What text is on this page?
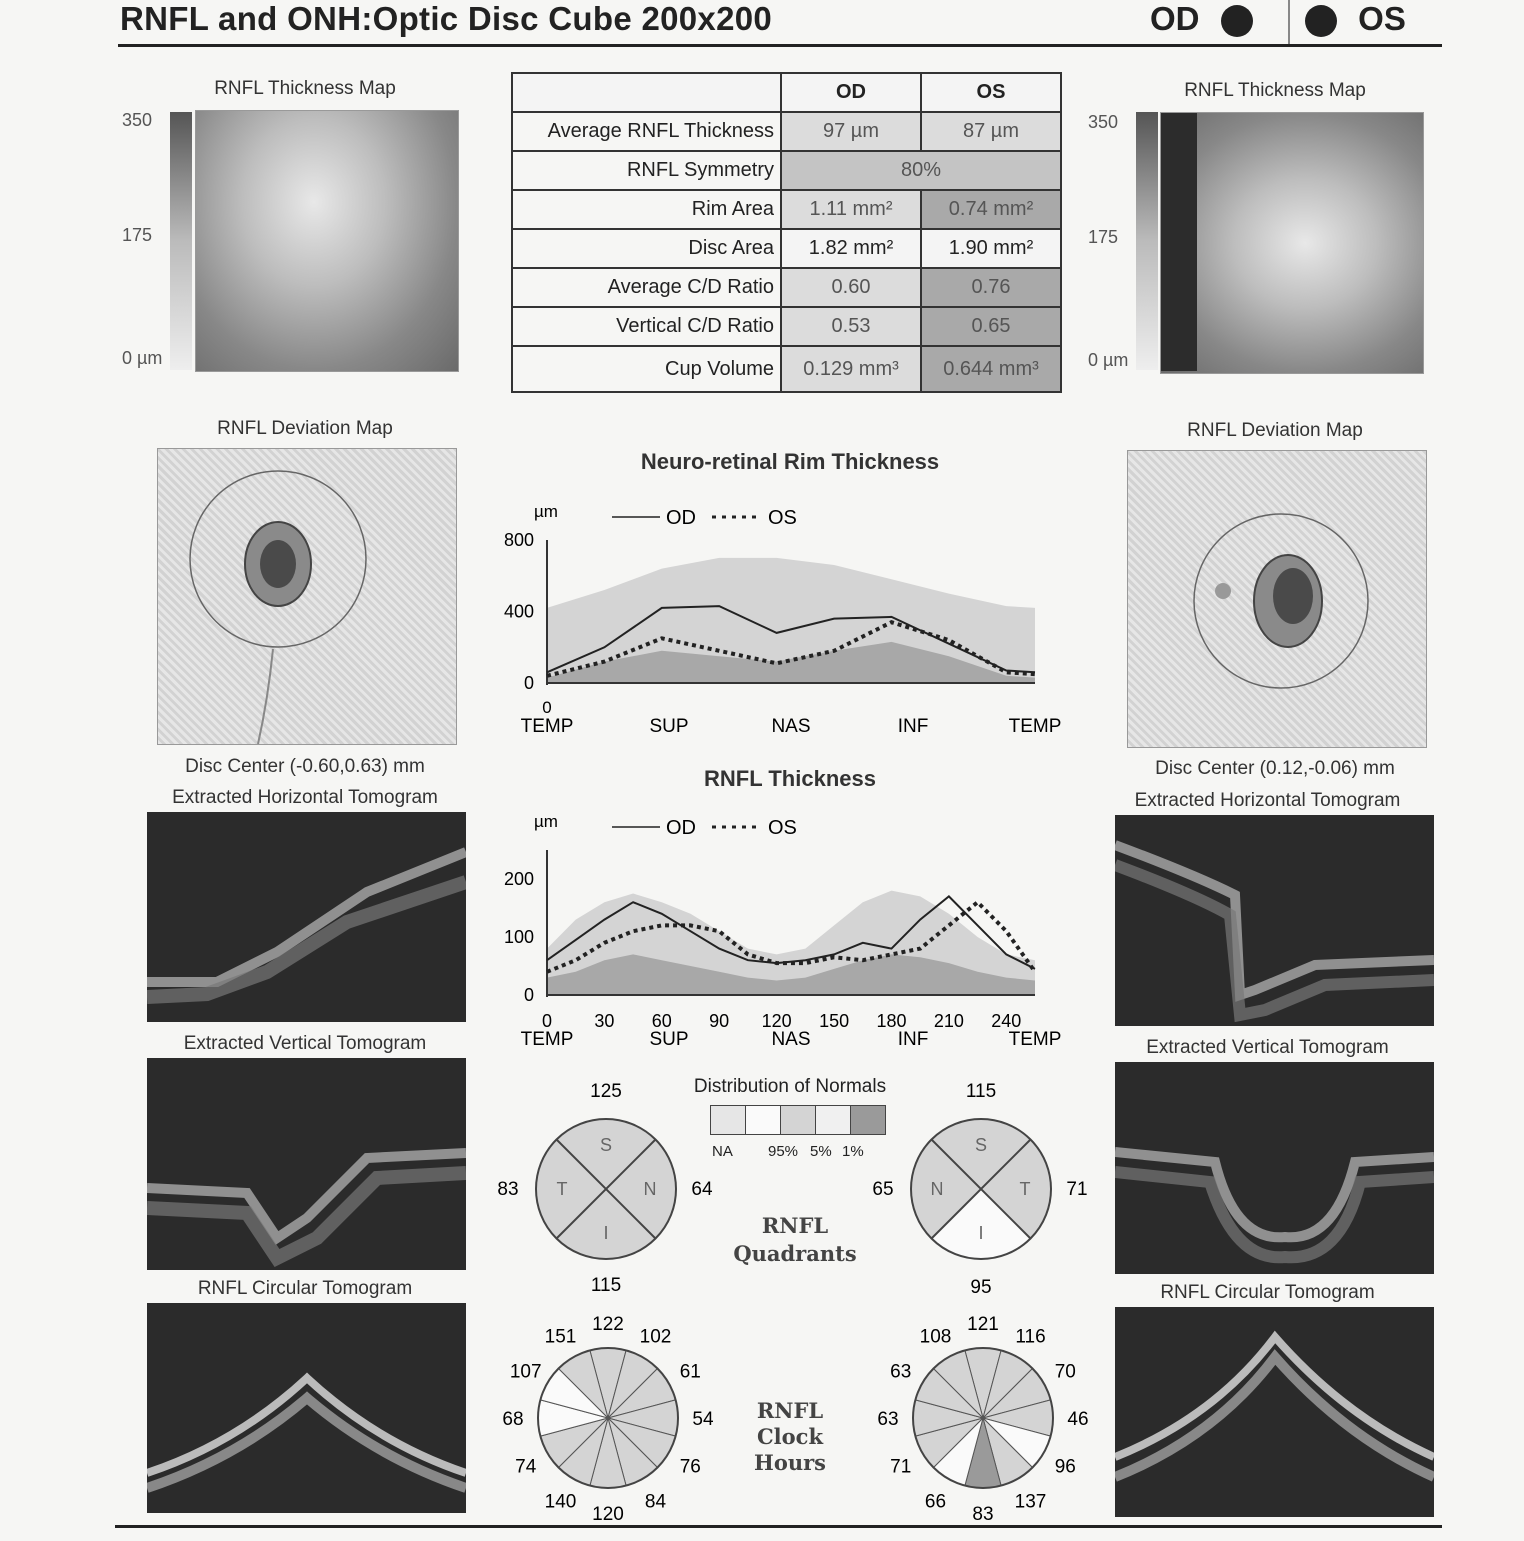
RNFL and ONH:Optic Disc Cube 200x200	OD	OS
RNFL Thickness Map
350
175
0 µm
RNFL Thickness Map
350
175
0 µm
	OD	OS
Average RNFL Thickness	97 µm	87 µm
RNFL Symmetry	80%	
Rim Area	1.11 mm²	0.74 mm²
Disc Area	1.82 mm²	1.90 mm²
Average C/D Ratio	0.60	0.76
Vertical C/D Ratio	0.53	0.65
Cup Volume	0.129 mm³	0.644 mm³
RNFL Deviation Map
Disc Center (-0.60,0.63) mm
RNFL Deviation Map
Disc Center (0.12,-0.06) mm
Extracted Horizontal Tomogram
Extracted Vertical Tomogram
RNFL Circular Tomogram
Extracted Horizontal Tomogram
Extracted Vertical Tomogram
RNFL Circular Tomogram
Neuro-retinal Rim Thickness
µm	OD	OS
800
400
0
0
TEMP	SUP	NAS	INF	TEMP
RNFL Thickness
µm	OD	OS
200
100
0
0 30 60 90 120 150 180 210 240
TEMP	SUP	NAS	INF	TEMP
Distribution of Normals
NA 95% 5% 1%
RNFL
Quadrants
RNFL
Clock
Hours
125
83	64
115
S
T	N
I
115
65	71
95
S
N	T
I
122
102
61
54
76
84
120
140
74
68
107
151
121
116
70
46
96
137
83
66
71
63
63
108
